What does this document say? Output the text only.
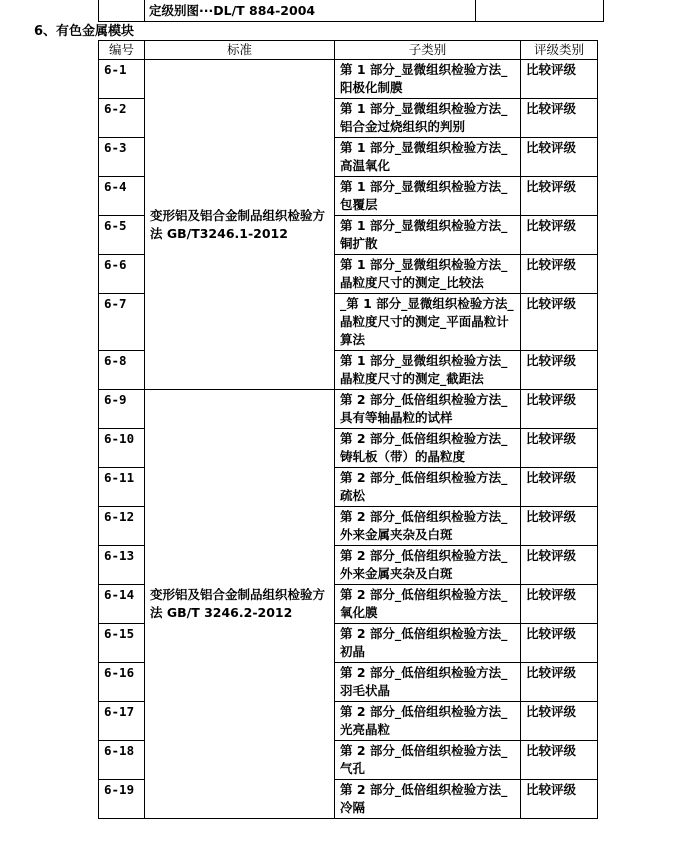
	定级别图···DL/T 884-2004	
6、有色金属模块
编号	标准	子类别	评级类别
6-1	变形铝及铝合金制品组织检验方法 GB/T3246.1-2012	第 1 部分_显微组织检验方法_阳极化制膜	比较评级
6-2		第 1 部分_显微组织检验方法_铝合金过烧组织的判别	比较评级
6-3		第 1 部分_显微组织检验方法_高温氧化	比较评级
6-4		第 1 部分_显微组织检验方法_包覆层	比较评级
6-5		第 1 部分_显微组织检验方法_铜扩散	比较评级
6-6		第 1 部分_显微组织检验方法_晶粒度尺寸的测定_比较法	比较评级
6-7		_第 1 部分_显微组织检验方法_晶粒度尺寸的测定_平面晶粒计算法	比较评级
6-8		第 1 部分_显微组织检验方法_晶粒度尺寸的测定_截距法	比较评级
6-9	变形铝及铝合金制品组织检验方法 GB/T 3246.2-2012	第 2 部分_低倍组织检验方法_具有等轴晶粒的试样	比较评级
6-10		第 2 部分_低倍组织检验方法_铸轧板（带）的晶粒度	比较评级
6-11		第 2 部分_低倍组织检验方法_疏松	比较评级
6-12		第 2 部分_低倍组织检验方法_外来金属夹杂及白斑	比较评级
6-13		第 2 部分_低倍组织检验方法_外来金属夹杂及白斑	比较评级
6-14		第 2 部分_低倍组织检验方法_氧化膜	比较评级
6-15		第 2 部分_低倍组织检验方法_初晶	比较评级
6-16		第 2 部分_低倍组织检验方法_羽毛状晶	比较评级
6-17		第 2 部分_低倍组织检验方法_光亮晶粒	比较评级
6-18		第 2 部分_低倍组织检验方法_气孔	比较评级
6-19		第 2 部分_低倍组织检验方法_冷隔	比较评级
